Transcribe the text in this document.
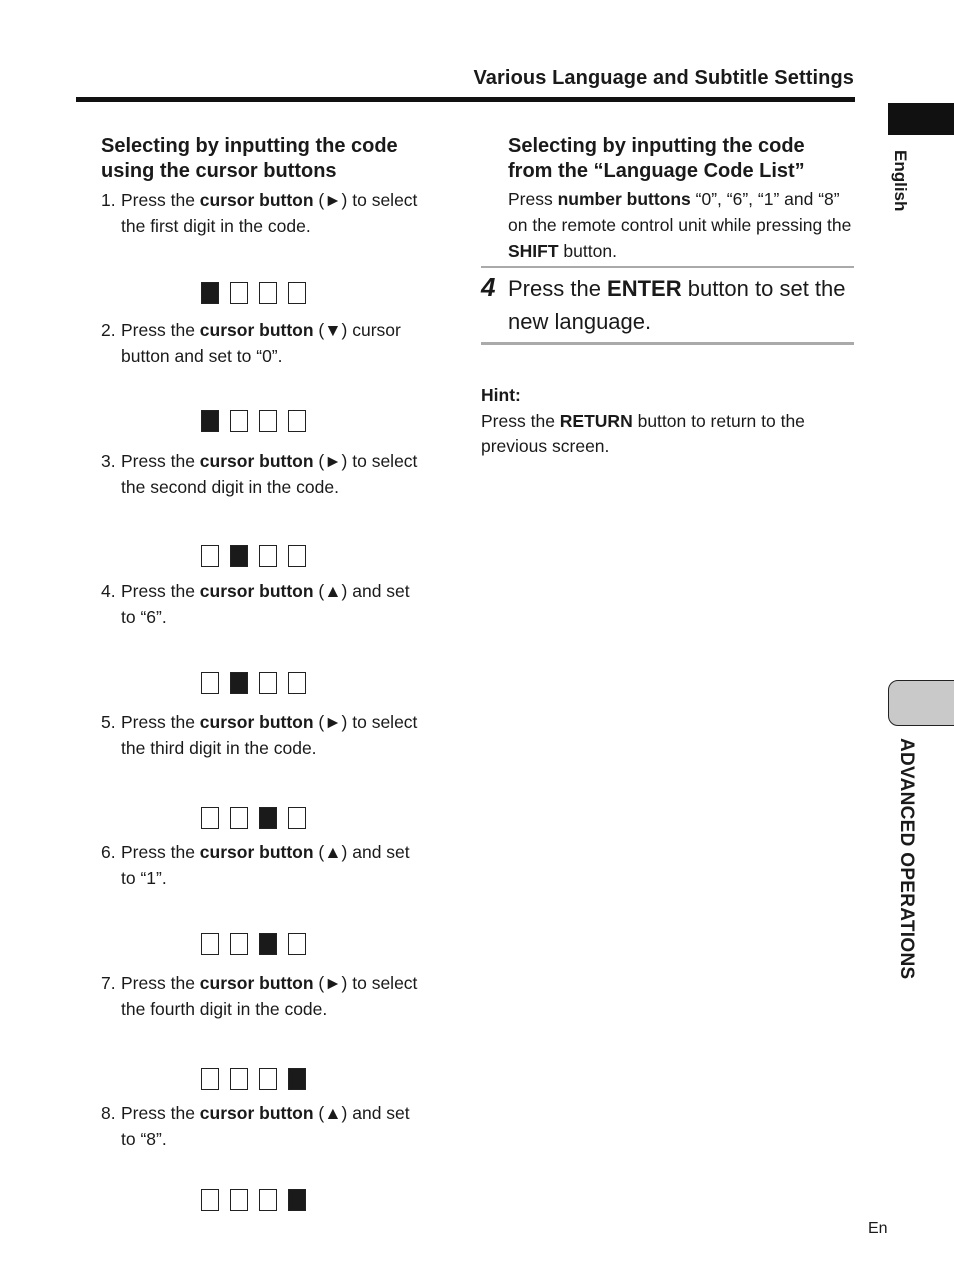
Various Language and Subtitle Settings
English
ADVANCED OPERATIONS
Selecting by inputting the code
using the cursor buttons
1. Press the cursor button (►) to select
the first digit in the code.
2. Press the cursor button (▼) cursor
button and set to “0”.
3. Press the cursor button (►) to select
the second digit in the code.
4. Press the cursor button (▲) and set
to “6”.
5. Press the cursor button (►) to select
the third digit in the code.
6. Press the cursor button (▲) and set
to “1”.
7. Press the cursor button (►) to select
the fourth digit in the code.
8. Press the cursor button (▲) and set
to “8”.
Selecting by inputting the code
from the “Language Code List”
Press number buttons “0”, “6”, “1” and “8” on the remote control unit while pressing the SHIFT button.
4 Press the ENTER button to set the new language.
Hint:
Press the RETURN button to return to the previous screen.
En
